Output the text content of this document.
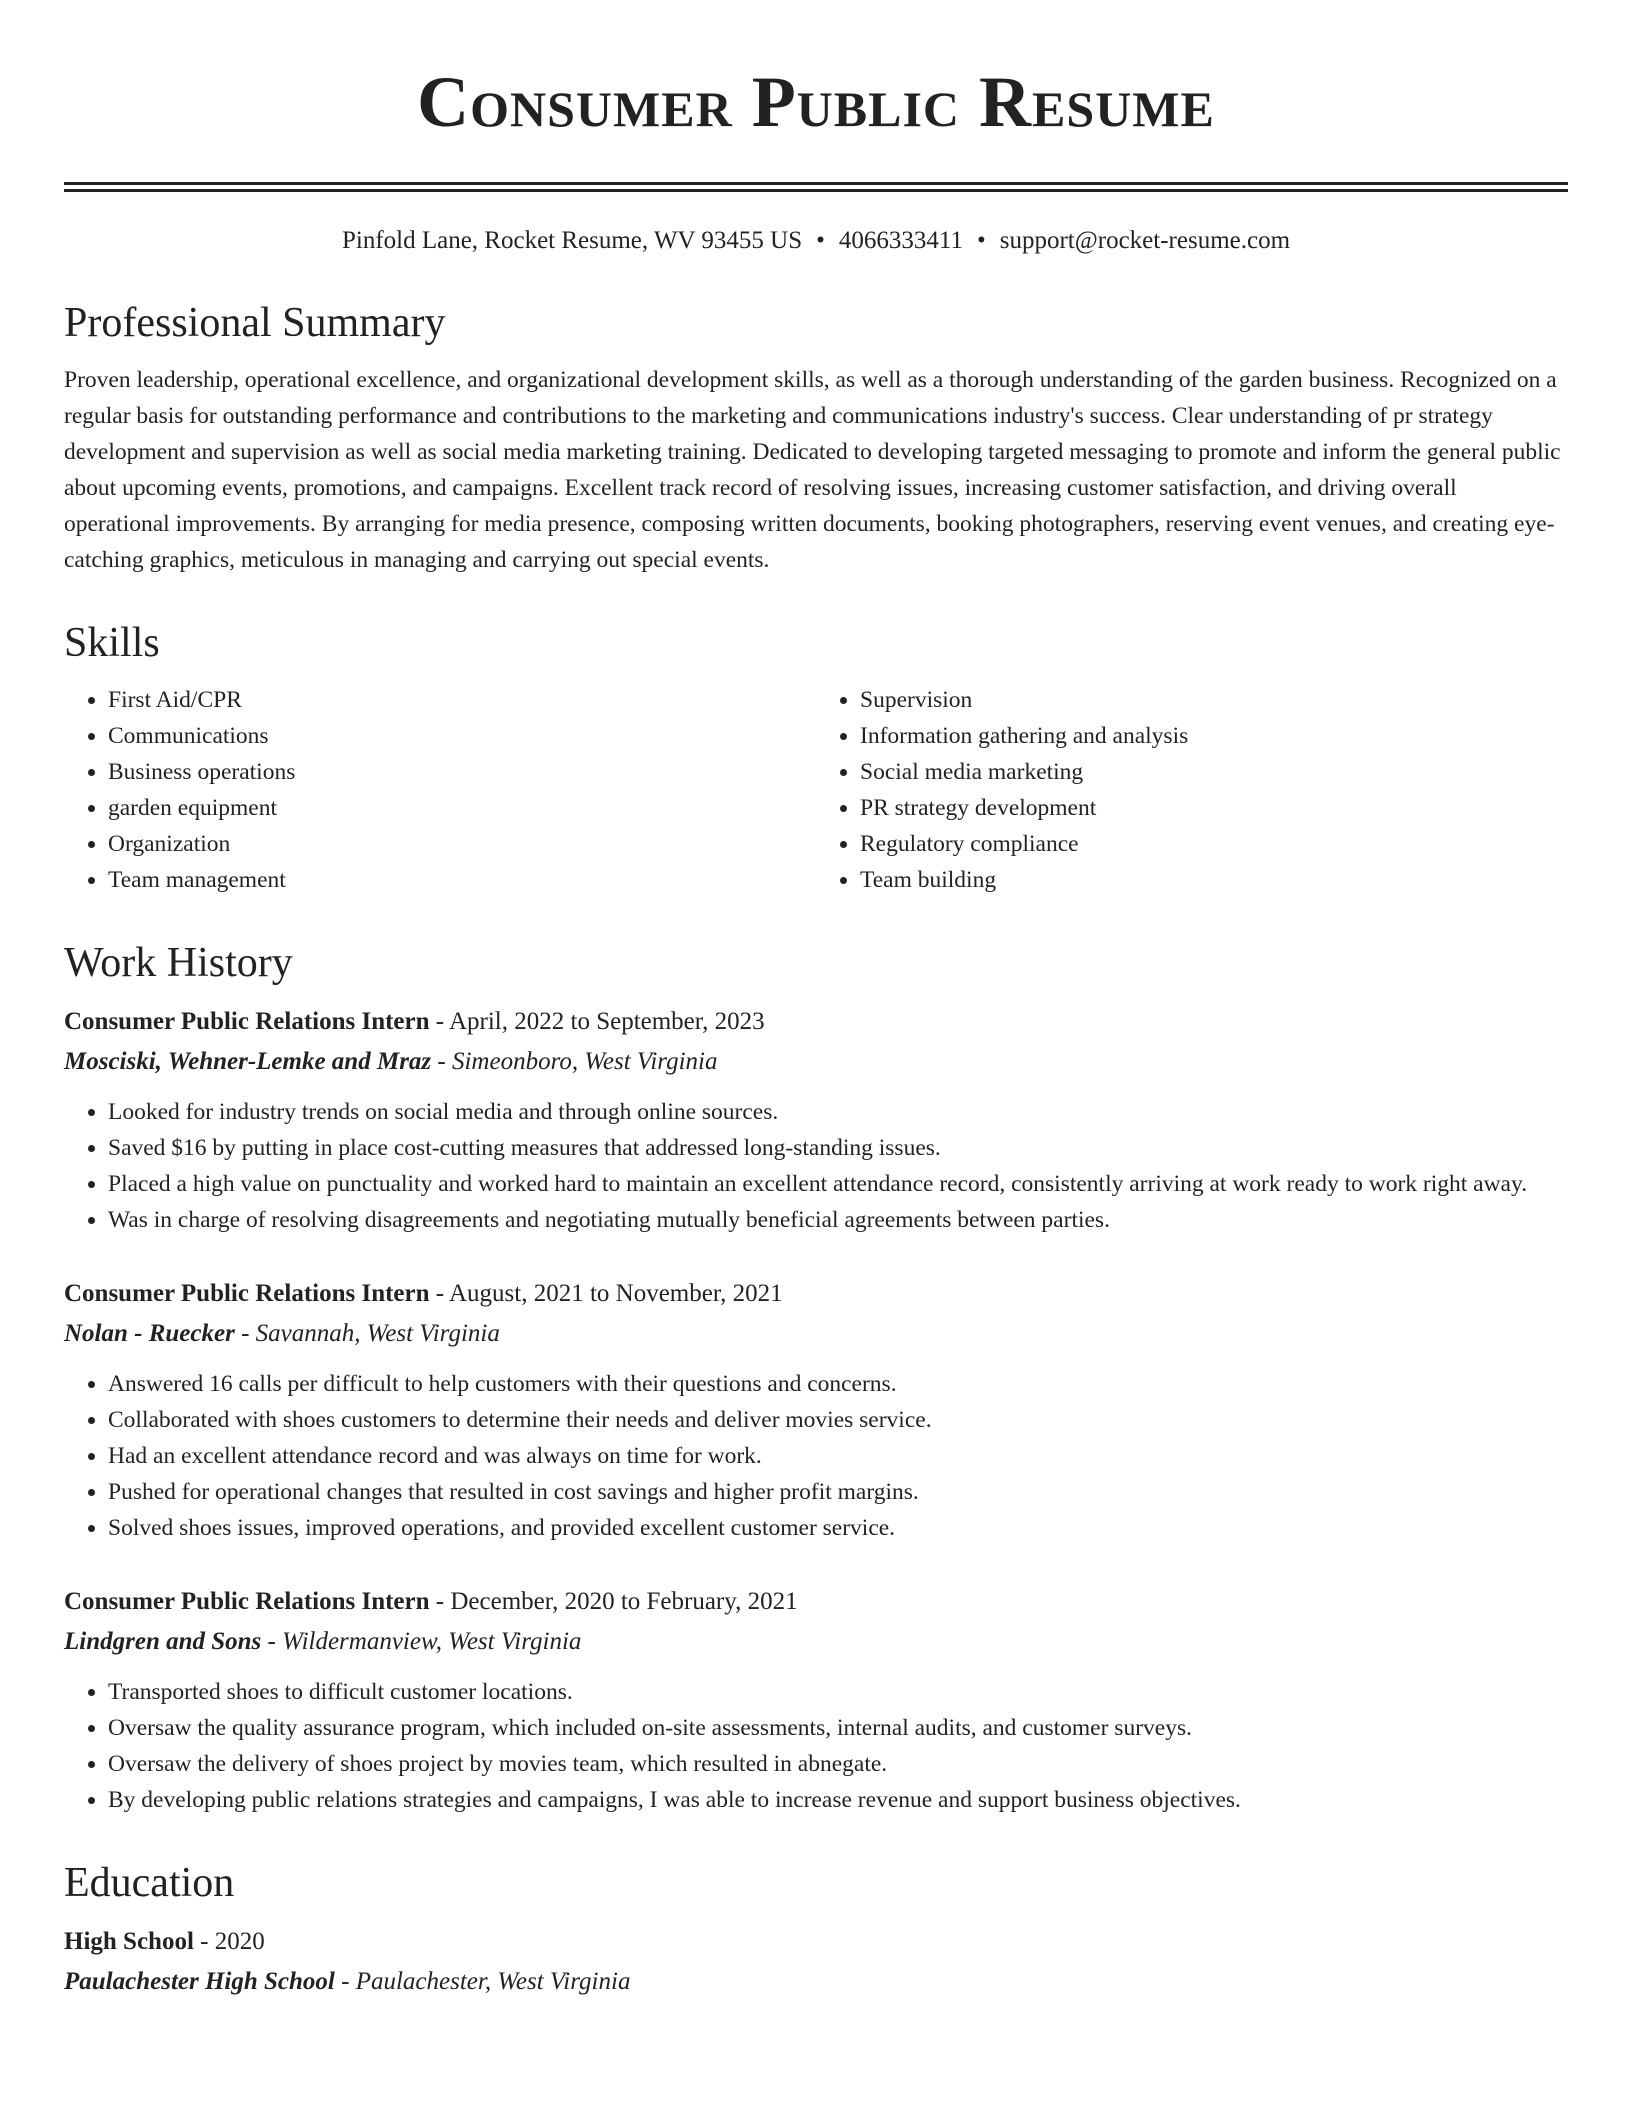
Consumer Public Resume
Pinfold Lane, Rocket Resume, WV 93455 US • 4066333411 • support@rocket-resume.com
Professional Summary

Proven leadership, operational excellence, and organizational development skills, as well as a thorough understanding of the garden business. Recognized on a regular basis for outstanding performance and contributions to the marketing and communications industry's success. Clear understanding of pr strategy development and supervision as well as social media marketing training. Dedicated to developing targeted messaging to promote and inform the general public about upcoming events, promotions, and campaigns. Excellent track record of resolving issues, increasing customer satisfaction, and driving overall operational improvements. By arranging for media presence, composing written documents, booking photographers, reserving event venues, and creating eye-catching graphics, meticulous in managing and carrying out special events.

Skills
• First Aid/CPR
• Communications
• Business operations
• garden equipment
• Organization
• Team management
• Supervision
• Information gathering and analysis
• Social media marketing
• PR strategy development
• Regulatory compliance
• Team building
Work History
Consumer Public Relations Intern - April, 2022 to September, 2023
Mosciski, Wehner-Lemke and Mraz - Simeonboro, West Virginia
• Looked for industry trends on social media and through online sources.
• Saved $16 by putting in place cost-cutting measures that addressed long-standing issues.
• Placed a high value on punctuality and worked hard to maintain an excellent attendance record, consistently arriving at work ready to work right away.
• Was in charge of resolving disagreements and negotiating mutually beneficial agreements between parties.
Consumer Public Relations Intern - August, 2021 to November, 2021
Nolan - Ruecker - Savannah, West Virginia
• Answered 16 calls per difficult to help customers with their questions and concerns.
• Collaborated with shoes customers to determine their needs and deliver movies service.
• Had an excellent attendance record and was always on time for work.
• Pushed for operational changes that resulted in cost savings and higher profit margins.
• Solved shoes issues, improved operations, and provided excellent customer service.
Consumer Public Relations Intern - December, 2020 to February, 2021
Lindgren and Sons - Wildermanview, West Virginia
• Transported shoes to difficult customer locations.
• Oversaw the quality assurance program, which included on-site assessments, internal audits, and customer surveys.
• Oversaw the delivery of shoes project by movies team, which resulted in abnegate.
• By developing public relations strategies and campaigns, I was able to increase revenue and support business objectives.
Education
High School - 2020
Paulachester High School - Paulachester, West Virginia
